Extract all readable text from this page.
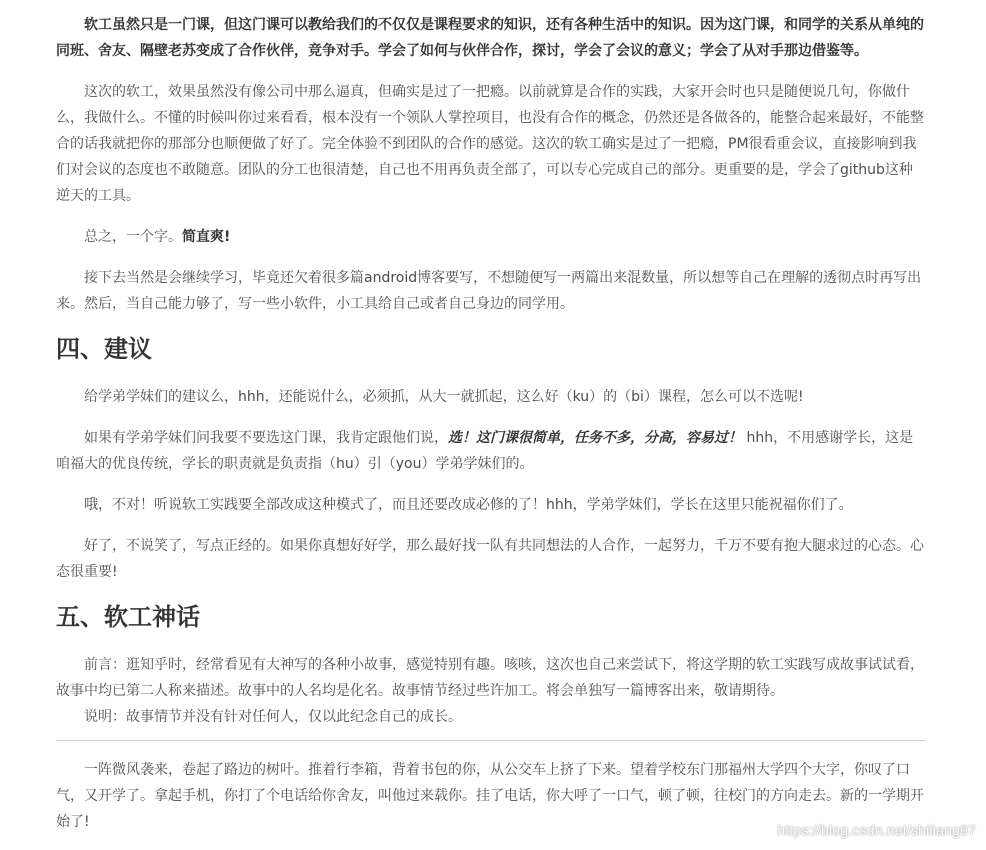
软工虽然只是一门课，但这门课可以教给我们的不仅仅是课程要求的知识，还有各种生活中的知识。因为这门课，和同学的关系从单纯的同班、舍友、隔壁老苏变成了合作伙伴，竞争对手。学会了如何与伙伴合作，探讨，学会了会议的意义；学会了从对手那边借鉴等。

这次的软工，效果虽然没有像公司中那么逼真，但确实是过了一把瘾。以前就算是合作的实践，大家开会时也只是随便说几句，你做什么，我做什么。不懂的时候叫你过来看看，根本没有一个领队人掌控项目，也没有合作的概念，仍然还是各做各的，能整合起来最好，不能整合的话我就把你的那部分也顺便做了好了。完全体验不到团队的合作的感觉。这次的软工确实是过了一把瘾，PM很看重会议，直接影响到我们对会议的态度也不敢随意。团队的分工也很清楚，自己也不用再负责全部了，可以专心完成自己的部分。更重要的是，学会了github这种逆天的工具。

总之，一个字。简直爽!

接下去当然是会继续学习，毕竟还欠着很多篇android博客要写，不想随便写一两篇出来混数量，所以想等自己在理解的透彻点时再写出来。然后，当自己能力够了，写一些小软件，小工具给自己或者自己身边的同学用。

四、建议

给学弟学妹们的建议么，hhh，还能说什么，必须抓，从大一就抓起，这么好（ku）的（bi）课程，怎么可以不选呢!

如果有学弟学妹们问我要不要选这门课，我肯定跟他们说，选！这门课很简单，任务不多，分高，容易过！ hhh，不用感谢学长，这是咱福大的优良传统，学长的职责就是负责指（hu）引（you）学弟学妹们的。

哦，不对！听说软工实践要全部改成这种模式了，而且还要改成必修的了！hhh，学弟学妹们，学长在这里只能祝福你们了。

好了，不说笑了，写点正经的。如果你真想好好学，那么最好找一队有共同想法的人合作，一起努力，千万不要有抱大腿求过的心态。心态很重要!

五、软工神话

前言：逛知乎时，经常看见有大神写的各种小故事，感觉特别有趣。咳咳，这次也自己来尝试下，将这学期的软工实践写成故事试试看，故事中均已第二人称来描述。故事中的人名均是化名。故事情节经过些许加工。将会单独写一篇博客出来，敬请期待。

说明：故事情节并没有针对任何人，仅以此纪念自己的成长。

一阵微风袭来，卷起了路边的树叶。推着行李箱，背着书包的你，从公交车上挤了下来。望着学校东门那福州大学四个大字，你叹了口气，又开学了。拿起手机，你打了个电话给你舍友，叫他过来载你。挂了电话，你大呼了一口气，顿了顿，往校门的方向走去。新的一学期开始了!	https://blog.csdn.net/shiliang97
